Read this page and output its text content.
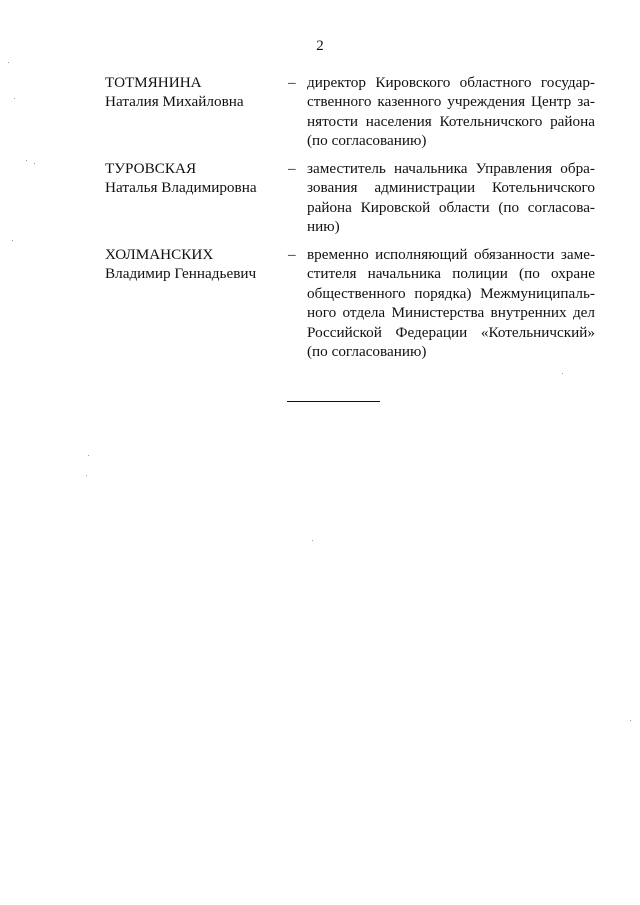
2
ТОТМЯНИНА
Наталия Михайловна
– директор Кировского областного государ-
ственного казенного учреждения Центр за-
нятости населения Котельничского района
(по согласованию)
ТУРОВСКАЯ
Наталья Владимировна
– заместитель начальника Управления обра-
зования администрации Котельничского
района Кировской области (по согласова-
нию)
ХОЛМАНСКИХ
Владимир Геннадьевич
– временно исполняющий обязанности заме-
стителя начальника полиции (по охране
общественного порядка) Межмуниципаль-
ного отдела Министерства внутренних дел
Российской Федерации «Котельничский»
(по согласованию)
